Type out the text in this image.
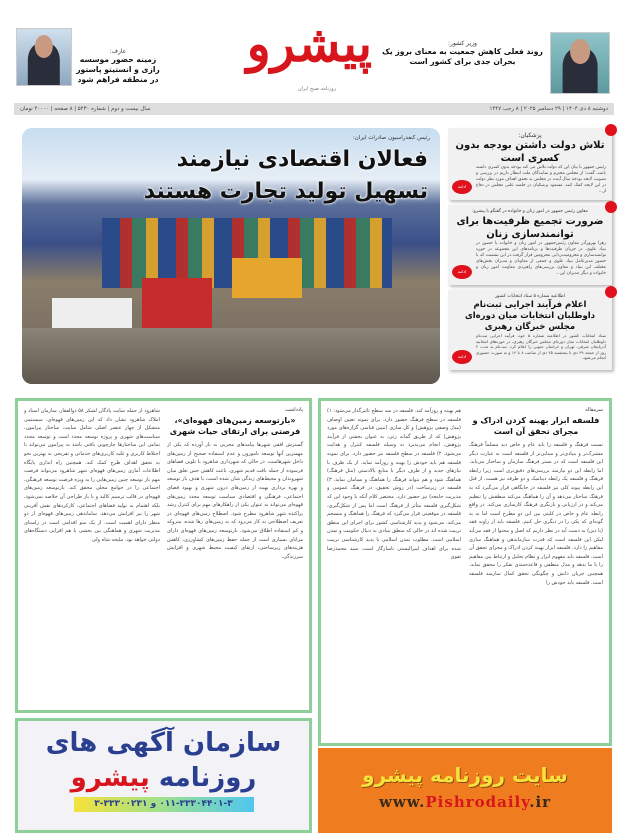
عارف:
زمینه حضور موسسه رازی و انستیتو پاستور در منطقه فراهم شود
پیشرو
روزنامه صبح ایران
وزیر کشور:
روند فعلی کاهش جمعیت به معنای بروز یک بحران جدی برای کشور است
دوشنبه ۸ دی ۱۴۰۴ | ۲۹ دسامبر ۲۰۲۵ | ۸ رجب ۱۴۴۷
سال بیست و دوم | شماره ۵۴۳۰ | ۸ صفحه | ۴۰۰۰۰ تومان
رئیس کنفدراسیون صادرات ایران:
فعالان اقتصادی نیازمند
تسهیل تولید تجارت هستند
پزشکیان:
تلاش دولت داشتن بودجه بدون کسری است
رئیس جمهور با بیان این که دولت تلاش می کند بودجه بدون کسری داشته باشد، گفت: از مجلس محترم و نمایندگان ملت انتظار داریم در بررسی و تصویب لایحه بودجه سال آینده در مجلس به تحقق اهداف مورد نظر دولت در این لایحه کمک کنند. مسعود پزشکیان در جلسه علنی مجلس در دفاع از...
ادامه
معاون رئیس جمهور در امور زنان و خانواده در گفتگو با پیشرو:
ضرورت تجمیع ظرفیت‌ها برای توانمندسازی زنان
زهرا بهروزآذر معاون رئیس‌جمهور در امور زنان و خانواده با حضور در بنیاد علوی، در جریان ظرفیت‌ها و برنامه‌های این مجموعه در حوزه توانمندسازی و محرومیت‌زدایی محرومین قرار گرفت.در این نشست که با حضور مدیرعامل بنیاد علوی و جمعی از معاونان و مدیران بخش‌های مختلف این بنیاد و معاون بررسی‌های راهبردی معاونت امور زنان و خانواده و دیگر مدیران این...
ادامه
اطلاعیه شماره ۵ ستاد انتخابات کشور
اعلام فرآیند اجرایی ثبت‌نام داوطلبان انتخابات میان دوره‌ای مجلس خبرگان رهبری
ستاد انتخابات کشور در اطلاعیه شماره ۵ خود، فرآیند اجرایی ثبت‌نام داوطلبان انتخابات میان دوره‌ای مجلس خبرگان رهبری، در حوزه‌های انتخابیه آذربایجان شرقی، تهران و خراسان جنوبی را اعلام کرد. ثبت‌نام به مدت ۲ روز از جمعه ۲۹ دی تا پنجشنبه ۲۵ دی از ساعت ۸ تا ۱۴ و به صورت حضوری انجام می‌شود.
ادامه
یادداشت
«بازتوسعه زمین‌های قهوه‌ای»، فرصتی برای ارتقای حیات شهری
گسترش افقی شهرها پیامدهای مخربی به بار آورده که یکی از مهمترین آنها توسعه ناموزون و عدم استفاده صحیح از زمین‌های داخل شهرهاست. در حالی که شهرداری شاهرود با تلوین فضاهای فرسوده از جمله بافت قدیم شهری، باعث کاهش حس تعلق میان شهروندان و محیط‌های زندگی شان شده است، با هدف باز توسعه و بهره برداری بهینه از زمین‌های درون شهری و بهبود فضای اجتماعی، فرهنگی و اقتصادی سیاست توسعه مجدد زمین‌های قهوه‌ای می‌تواند به عنوان یکی از راهکارهای مهم برای کنترل رشد پراکنده شهر شاهرود مطرح شود. اصطلاح زمین‌های قهوه‌ای در تعریف اصطلاحی به کار می‌رود که به زمین‌های رها شده، متروکه و کم استفاده اطلاق می‌شود. بازتوسعه زمین‌های قهوه‌ای دارای مزایای بسیاری است از جمله حفظ زمین‌های کشاورزی، کاهش هزینه‌های زیرساختی، ارتقای کیفیت محیط شهری و افزایش سرزندگی.
شاهرود از جمله سایت پادگان لشکر ۵۸ ذوالفقار، سازمان اسناد و املاک شاهرود نشان داد که این زمین‌های قهوه‌ای، سیستمی متشکل از چهار عنصر اصلی شامل سایت، ساختار پیرامون، سیاست‌های شهری و پروژه توسعه مجدد است و توسعه مجدد تمامی این ساختارها چارچوبی بافتی باشد به پیرامون می‌تواند با اختلاط کاربری و غلبه کاربری‌های خدماتی و تفریحی به بهترین نحو به تحقق اهداف طرح کمک کند. همچنین راه اندازی پایگاه اطلاعات آماری زمین‌های قهوه‌ای شهر شاهرود می‌تواند فرصت مهم باز توسعه چنین زمین‌هایی را به ویژه فرصت توسعه فرهنگی، اجتماعی را در جوامع محلی محقق کند. بازتوسعه زمین‌های قهوه‌ای در قالب ترسیم کالبد و با باز طراحی آن خلاصه نمی‌شود، بلکه اهتمام به تولید فضاهای اجتماعی، کارکردهای نقش آفرینی شهر را نیز افزایش می‌دهد. ساماندهی زمین‌های قهوه‌ای از دو منظر دارای اهمیت است. از یک سو اقدامی است در راستای مدیریت شهری و هماهنگی بین بخشی با هم افزایی دستگاه‌های دولتی خواهد بود. ملیحه شاه ولی
سرمقاله
فلسفه ابزار بهینه کردن ادراک و مجرای تحقق آن است
نسبت فرهنگ و فلسفه را باید عام و خاص دید مسلماً فرهنگ مشترک‌تر و بنیادی‌تر و مبنایی‌تر از فلسفه است به عبارت دیگر این فلسفه است که در بستر فرهنگ سازمان و ساختار می‌یابد. اما رابطه این دو نیازمند بررسی‌های دقیق‌تری است زیرا رابطه فرهنگ و فلسفه یک رابطه دینامیک و دو طرفه نیز هست. از قبل این رابطه پیوند کلی نیز فلسفه در جایگاهی قرار می‌گیرد که به فرهنگ ساختار می‌دهد و آن را هماهنگ می‌کند منطقش را تنظیم می‌کند و در ارزیابی و بازنگری فرهنگ کارسازی می‌کند. در واقع رابطه عام و خاص در کلیتی بین این دو مطرح است اما نه به گونه‌ای که یکی را در دیگری حل کنیم. فلسفه باید از زاویه فقه (یا دین) به دست آید در نظر داریم که اصل و محتوا از فقه می‌آید لیکن این فلسفه است که قدرت سازماندهی و هماهنگ سازی مفاهیم را دارد. فلسفه ابزار بهینه کردن ادراک و مجرای تحقق آن است. فلسفه باید مفهوم ابزار و نظام تحلیل و ارتباط بین مفاهیم را با ما بدهد و مدل منطقی و قاعده‌مندی تفکر را محقق نماید. همچنین جریان دانش و چگونگی تحقق کمال سازمند فلسفه است. فلسفه باید خودش را
هم بهینه و روزآمد کند. فلسفه در سه سطح تاثیرگذار می‌شود: ۱) فلسفه در سطح فرهنگ حضور دارد. برای نمونه تعیین اوصاف (مدل وصفی پژوهش) و کل سازی (تبیین قیاسی گزاره‌های مورد پژوهش) که از طریق گمانه زنی، به عنوان بخشی از فرآیند پژوهش، انجام می‌پذیرد به وسیله فلسفه کنترل و هدایت می‌شود. ۲) فلسفه در سطح فلسفه نیز حضور دارد. برای نمونه فلسفه هم باید خودش را بهینه و روزآمد نماید. از یک طرف با نیازهای جدید و از طرف دیگر با منابع بالادستی (مثل فرهنگ) هماهنگ شود و هم بتواند فرهنگ را هماهنگ و بسامان نماید. ۳) فلسفه در زیرساخت (در روش تحقیق، در فرهنگ عمومی و مدیریت جامعه) نیز حضور دارد. مختصر کلام آنکه با وجود این که شکل‌گیری فلسفه متأثر از فرهنگ است اما پس از شکل‌گیری، فلسفه در موقعیتی قرار می‌گیرد که فرهنگ را هماهنگ و منسجم می‌کند. می‌شود و پدید کارشناسی کشور برای اجرای این منطق تربیت شده اند در حالی که منطق بنیادی به دنبال حکومت و تمدن اسلامی است. مطلوب تمدن اسلامی با پدید کارشناسی تربیت شده برای اهداف لیبرالیستی ناسازگار است. سید محمدرضا تقوی
سازمان آگهی های
روزنامه پیشرو
۰۱۱-۳۳۳۰۴۴۰۱-۳ و ۳۳۳۰۰۲۳۱-۳
سایت روزنامه پیشرو
www.Pishrodaily.ir
